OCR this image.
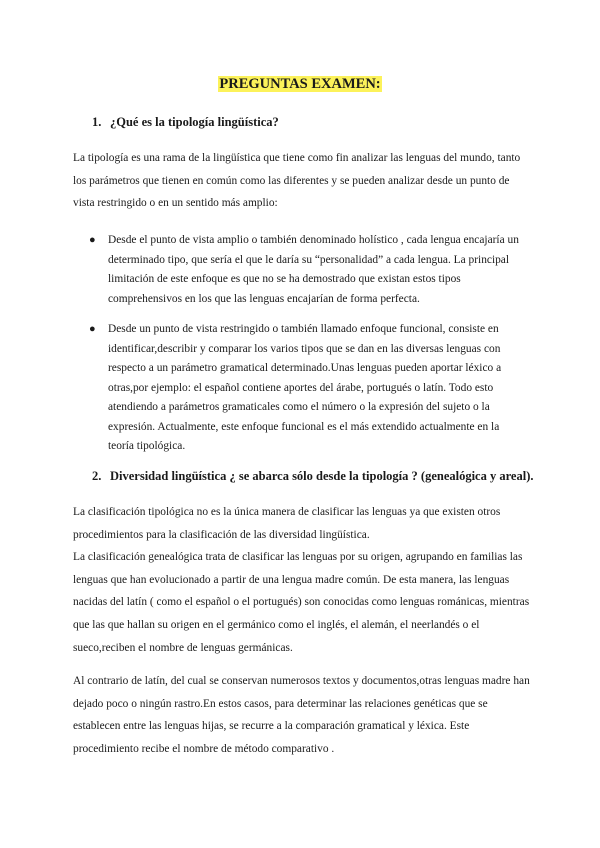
PREGUNTAS EXAMEN:
1. ¿Qué es la tipología lingüística?

La tipología es una rama de la lingüística que tiene como fin analizar las lenguas del mundo, tanto los parámetros que tienen en común como las diferentes y se pueden analizar desde un punto de vista restringido o en un sentido más amplio:

● Desde el punto de vista amplio o también denominado holístico , cada lengua encajaría un determinado tipo, que sería el que le daría su “personalidad” a cada lengua. La principal limitación de este enfoque es que no se ha demostrado que existan estos tipos comprehensivos en los que las lenguas encajarían de forma perfecta.
● Desde un punto de vista restringido o también llamado enfoque funcional, consiste en identificar,describir y comparar los varios tipos que se dan en las diversas lenguas con respecto a un parámetro gramatical determinado.Unas lenguas pueden aportar léxico a otras,por ejemplo: el español contiene aportes del árabe, portugués o latín. Todo esto atendiendo a parámetros gramaticales como el número o la expresión del sujeto o la expresión. Actualmente, este enfoque funcional es el más extendido actualmente en la teoría tipológica.
2. Diversidad lingüística ¿ se abarca sólo desde la tipología ? (genealógica y areal).

La clasificación tipológica no es la única manera de clasificar las lenguas ya que existen otros procedimientos para la clasificación de las diversidad lingüística.

La clasificación genealógica trata de clasificar las lenguas por su origen, agrupando en familias las lenguas que han evolucionado a partir de una lengua madre común. De esta manera, las lenguas nacidas del latín ( como el español o el portugués) son conocidas como lenguas románicas, mientras que las que hallan su origen en el germánico como el inglés, el alemán, el neerlandés o el sueco,reciben el nombre de lenguas germánicas.

Al contrario de latín, del cual se conservan numerosos textos y documentos,otras lenguas madre han dejado poco o ningún rastro.En estos casos, para determinar las relaciones genéticas que se establecen entre las lenguas hijas, se recurre a la comparación gramatical y léxica. Este procedimiento recibe el nombre de método comparativo .
